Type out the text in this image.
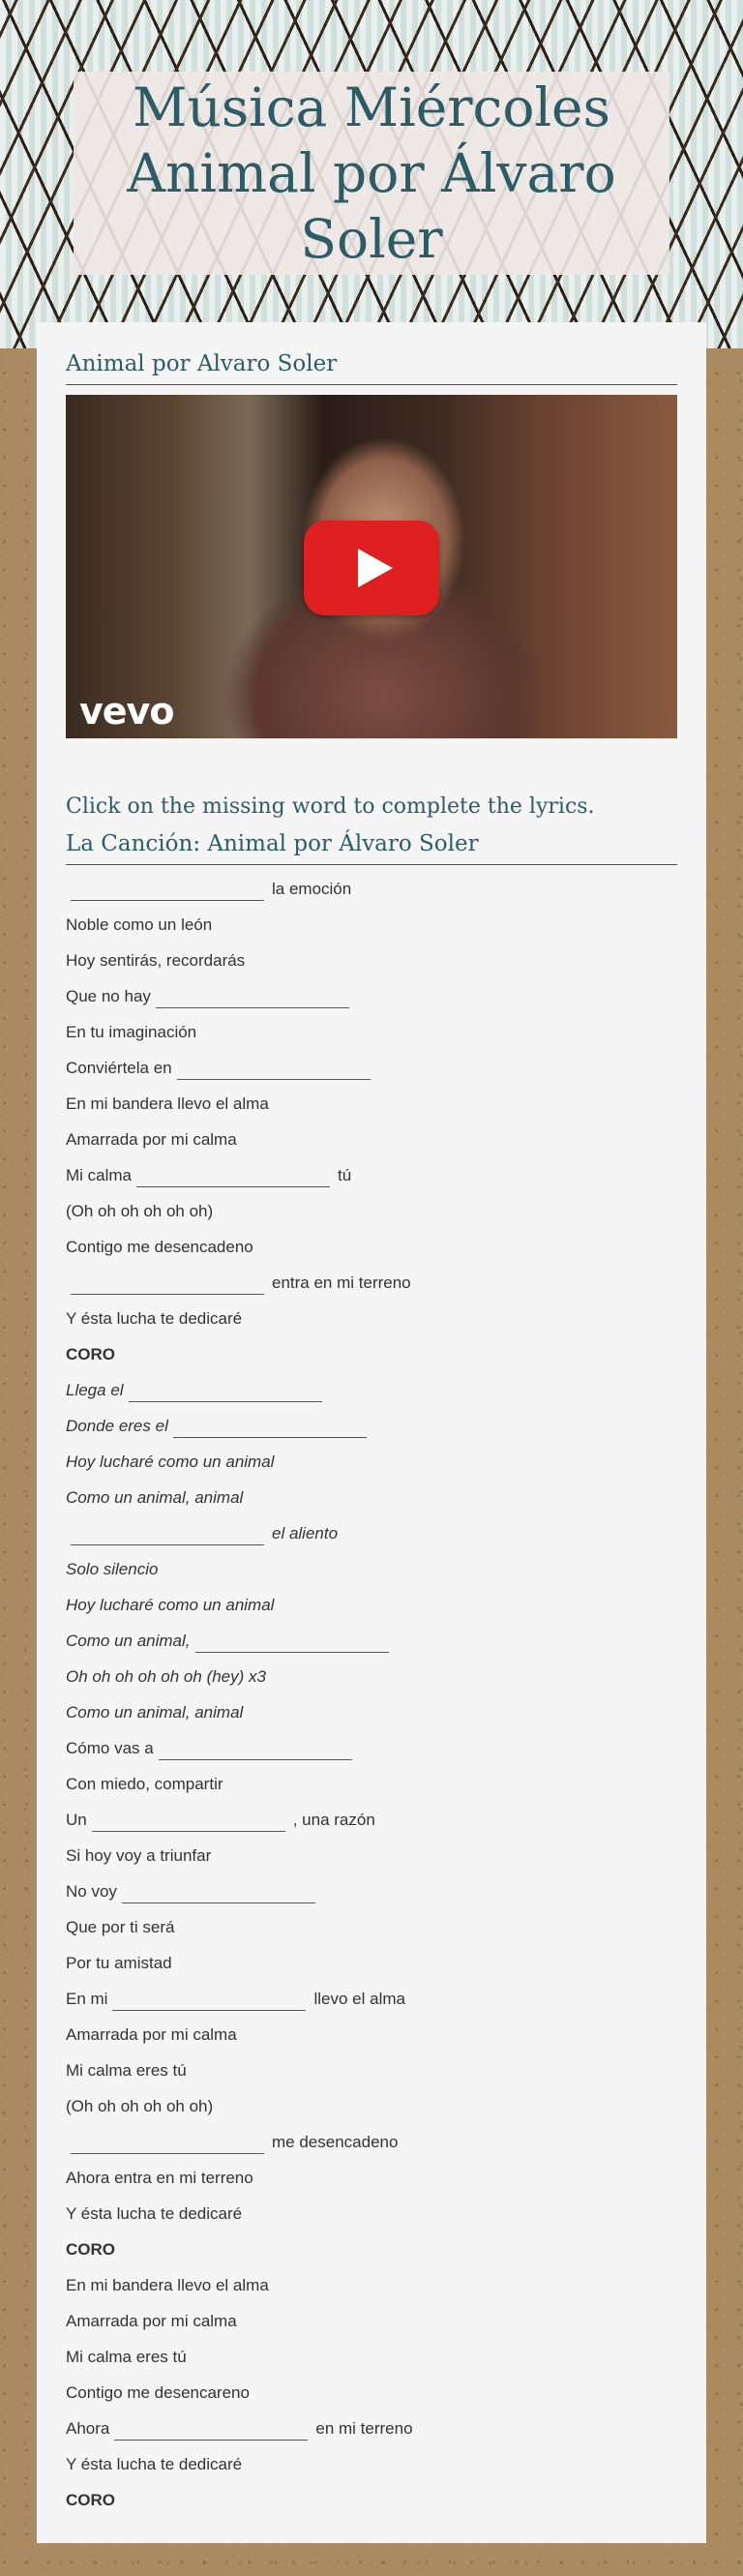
Música Miércoles Animal por Álvaro Soler
Animal por Alvaro Soler
vevo
Click on the missing word to complete the lyrics.
La Canción: Animal por Álvaro Soler
la emoción
Noble como un león
Hoy sentirás, recordarás
Que no hay
En tu imaginación
Conviértela en
En mi bandera llevo el alma
Amarrada por mi calma
Mi calma	tú
(Oh oh oh oh oh oh)
Contigo me desencadeno
entra en mi terreno
Y ésta lucha te dedicaré
CORO
Llega el
Donde eres el
Hoy lucharé como un animal
Como un animal, animal
el aliento
Solo silencio
Hoy lucharé como un animal
Como un animal,
Oh oh oh oh oh oh (hey) x3
Como un animal, animal
Cómo vas a
Con miedo, compartir
Un	, una razón
Si hoy voy a triunfar
No voy
Que por ti será
Por tu amistad
En mi	llevo el alma
Amarrada por mi calma
Mi calma eres tú
(Oh oh oh oh oh oh)
me desencadeno
Ahora entra en mi terreno
Y ésta lucha te dedicaré
CORO
En mi bandera llevo el alma
Amarrada por mi calma
Mi calma eres tú
Contigo me desencareno
Ahora	en mi terreno
Y ésta lucha te dedicaré
CORO
